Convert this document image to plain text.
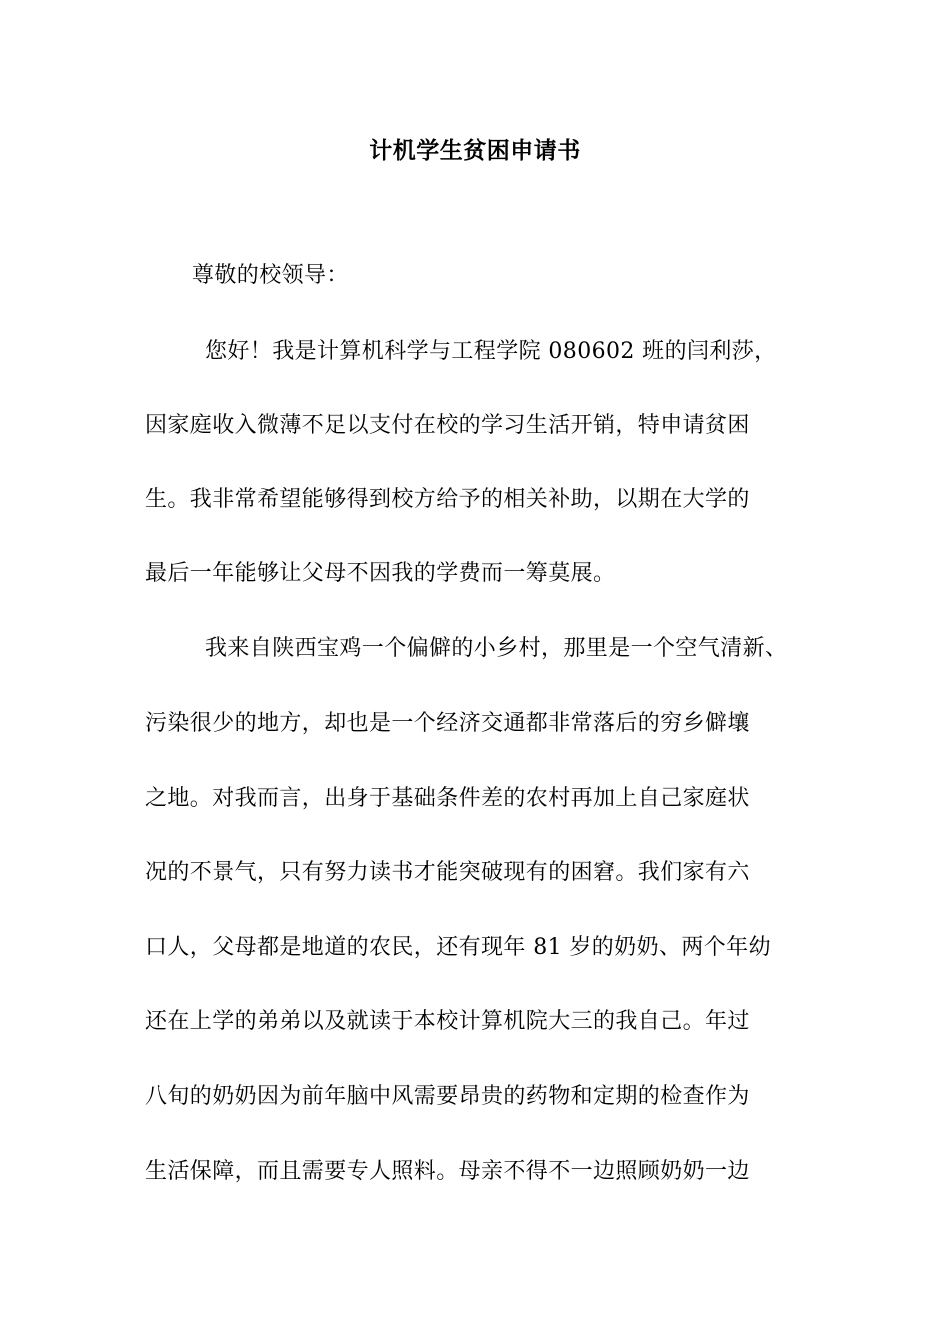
计机学生贫困申请书
尊敬的校领导：
您好！我是计算机科学与工程学院 080602 班的闫利莎，
因家庭收入微薄不足以支付在校的学习生活开销，特申请贫困
生。我非常希望能够得到校方给予的相关补助，以期在大学的
最后一年能够让父母不因我的学费而一筹莫展。
我来自陕西宝鸡一个偏僻的小乡村，那里是一个空气清新、
污染很少的地方，却也是一个经济交通都非常落后的穷乡僻壤
之地。对我而言，出身于基础条件差的农村再加上自己家庭状
况的不景气，只有努力读书才能突破现有的困窘。我们家有六
口人，父母都是地道的农民，还有现年 81 岁的奶奶、两个年幼
还在上学的弟弟以及就读于本校计算机院大三的我自己。年过
八旬的奶奶因为前年脑中风需要昂贵的药物和定期的检查作为
生活保障，而且需要专人照料。母亲不得不一边照顾奶奶一边
